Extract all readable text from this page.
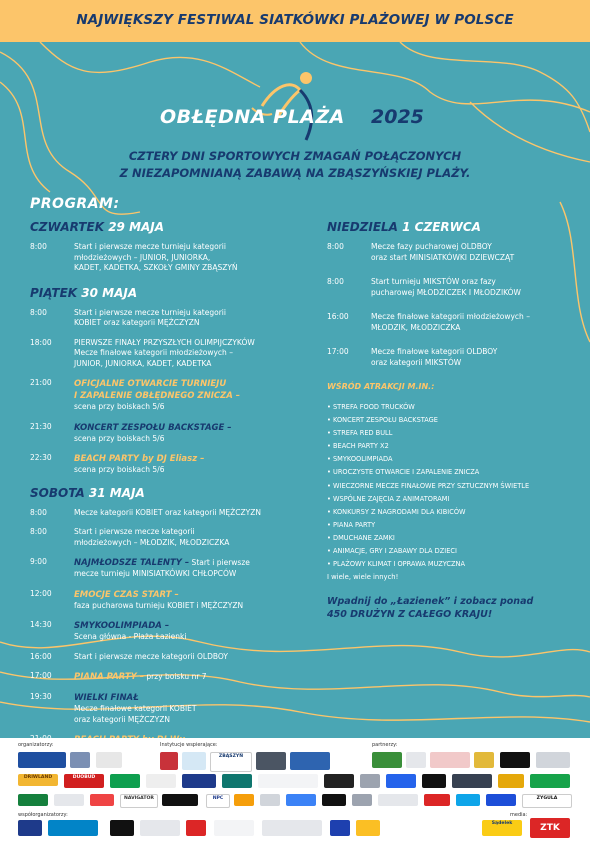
NAJWIĘKSZY FESTIWAL SIATKÓWKI PLAŻOWEJ W POLSCE
OBŁĘDNA PLAŻA 2025
CZTERY DNI SPORTOWYCH ZMAGAŃ POŁĄCZONYCH
Z NIEZAPOMNIANĄ ZABAWĄ NA ZBĄSZYŃSKIEJ PLAŻY.
PROGRAM:
CZWARTEK 29 MAJA
8:00	Start i pierwsze mecze turnieju kategorii
młodzieżowych – JUNIOR, JUNIORKA,
KADET, KADETKA, SZKOŁY GMINY ZBĄSZYŃ
PIĄTEK 30 MAJA
8:00	Start i pierwsze mecze turnieju kategorii
KOBIET oraz kategorii MĘŻCZYZN
18:00	PIERWSZE FINAŁY PRZYSZŁYCH OLIMPIJCZYKÓW
Mecze finałowe kategorii młodzieżowych –
JUNIOR, JUNIORKA, KADET, KADETKA
21:00	OFICJALNE OTWARCIE TURNIEJU
I ZAPALENIE OBŁĘDNEGO ZNICZA –
scena przy boiskach 5/6
21:30	KONCERT ZESPOŁU BACKSTAGE –
scena przy boiskach 5/6
22:30	BEACH PARTY by DJ Eliasz –
scena przy boiskach 5/6
SOBOTA 31 MAJA
8:00	Mecze kategorii KOBIET oraz kategorii MĘŻCZYZN
8:00	Start i pierwsze mecze kategorii
młodzieżowych – MŁODZIK, MŁODZICZKA
9:00	NAJMŁODSZE TALENTY – Start i pierwsze
mecze turnieju MINISIATKÓWKI CHŁOPCÓW
12:00	EMOCJE CZAS START –
faza pucharowa turnieju KOBIET i MĘŻCZYZN
14:30	SMYKOOLIMPIADA –
Scena główna - Plaża Łazienki
16:00	Start i pierwsze mecze kategorii OLDBOY
17:00	PIANA PARTY – przy boisku nr 7
19:30	WIELKI FINAŁ
Mecze finałowe kategorii KOBIET
oraz kategorii MĘŻCZYZN
NIEDZIELA 1 CZERWCA
8:00	Mecze fazy pucharowej OLDBOY
oraz start MINISIATKÓWKI DZIEWCZĄT
8:00	Start turnieju MIKSTÓW oraz fazy
pucharowej MŁODZICZEK I MŁODZIKÓW
16:00	Mecze finałowe kategorii młodzieżowych –
MŁODZIK, MŁODZICZKA
17:00	Mecze finałowe kategorii OLDBOY
oraz kategorii MIKSTÓW
WŚRÓD ATRAKCJI M.IN.:
• STREFA FOOD TRUCKÓW
• KONCERT ZESPOŁU BACKSTAGE
• STREFA RED BULL
• BEACH PARTY X2
• SMYKOOLIMPIADA
• UROCZYSTE OTWARCIE I ZAPALENIE ZNICZA
• WIECZORNE MECZE FINAŁOWE PRZY SZTUCZNYM ŚWIETLE
• WSPÓLNE ZAJĘCIA Z ANIMATORAMI
• KONKURSY Z NAGRODAMI DLA KIBICÓW
• PIANA PARTY
• DMUCHANE ZAMKI
• ANIMACJE, GRY I ZABAWY DLA DZIECI
• PLAŻOWY KLIMAT I OPRAWA MUZYCZNA
I wiele, wiele innych!
Wpadnij do „Łazienek” i zobacz ponad
450 DRUŻYN Z CAŁEGO KRAJU!
organizatorzy:	Instytucje wspierające:	partnerzy:
współorganizatorzy:	media:
ZBĄSZYŃ
DRIWLAND	DUOBUD
NAVIGATOR	NPC	ZYGULA
Sądelek	ZTK
